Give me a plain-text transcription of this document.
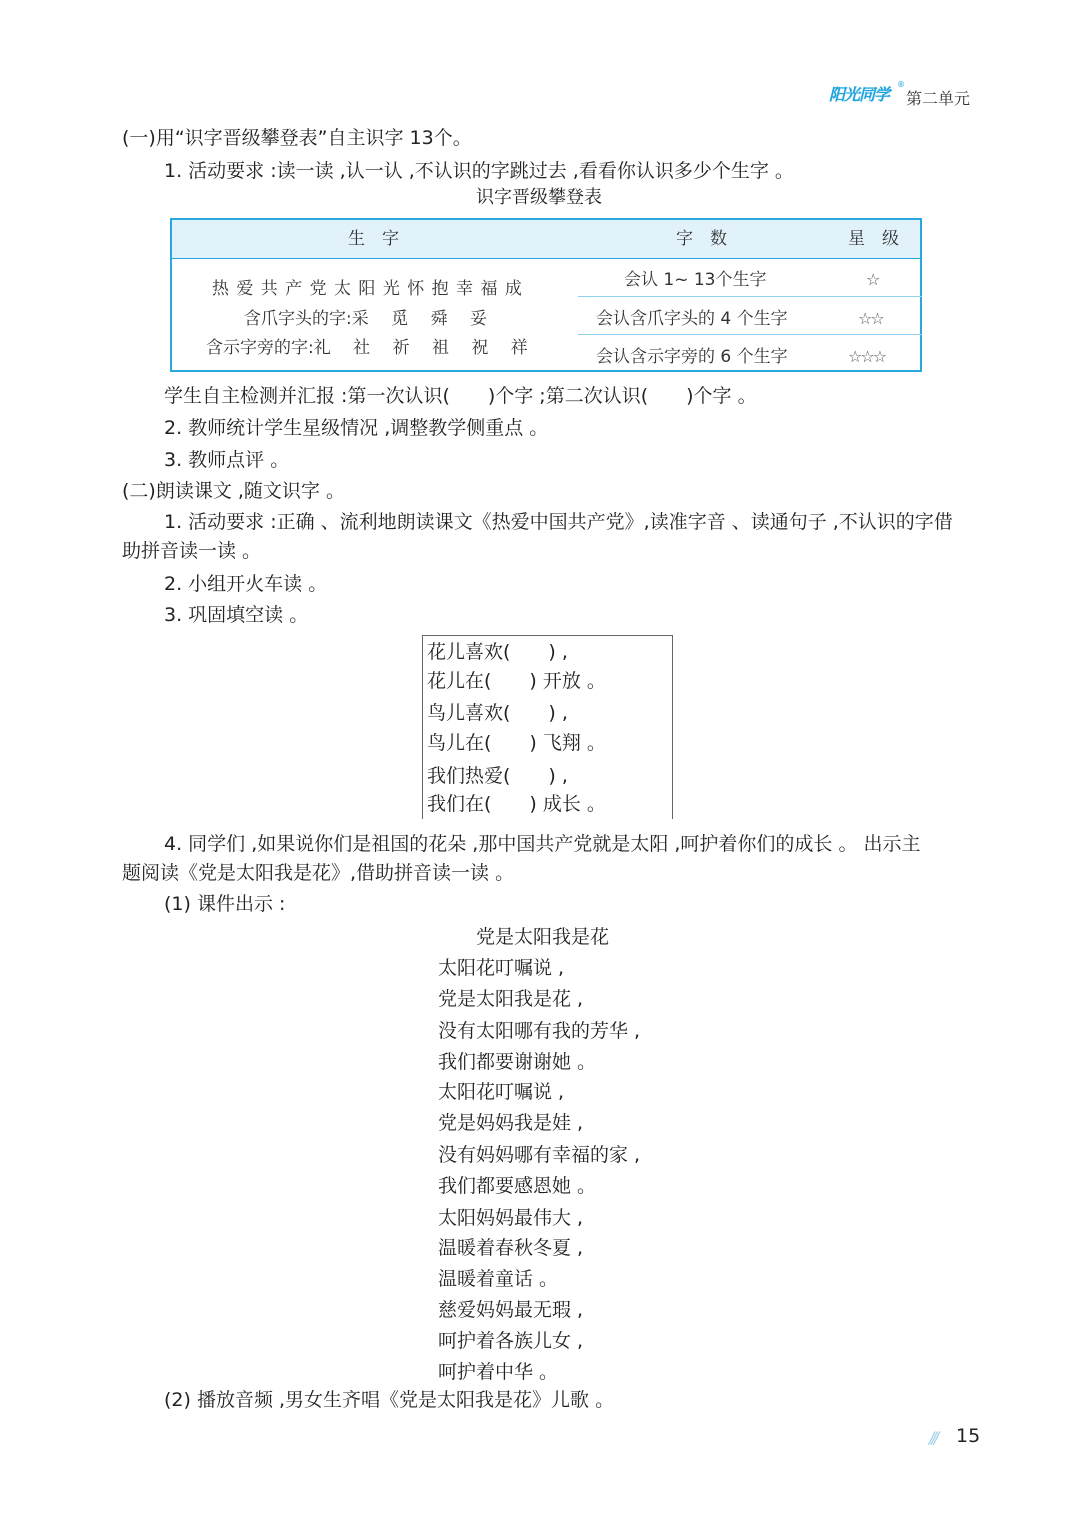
阳光同学
®
第二单元
(一)用“识字晋级攀登表”自主识字 13个。
1. 活动要求 :读一读 ,认一认 ,不认识的字跳过去 ,看看你认识多少个生字 。
识字晋级攀登表
生　字	字　数	星　级
热 爱 共 产 党 太 阳 光 怀 抱 幸 福 成
含爪字头的字:采　 觅　 舜　 妥
含示字旁的字:礼　 社　 祈　 祖　 祝　 祥
会认 1~ 13个生字
会认含爪字头的 4 个生字
会认含示字旁的 6 个生字
☆
☆☆
☆☆☆
学生自主检测并汇报 :第一次认识(　　)个字 ;第二次认识(　　)个字 。
2. 教师统计学生星级情况 ,调整教学侧重点 。
3. 教师点评 。
(二)朗读课文 ,随文识字 。
1. 活动要求 :正确 、流利地朗读课文《热爱中国共产党》,读准字音 、读通句子 ,不认识的字借
助拼音读一读 。
2. 小组开火车读 。
3. 巩固填空读 。
花儿喜欢(　　) ,
花儿在(　　) 开放 。
鸟儿喜欢(　　) ,
鸟儿在(　　) 飞翔 。
我们热爱(　　) ,
我们在(　　) 成长 。
4. 同学们 ,如果说你们是祖国的花朵 ,那中国共产党就是太阳 ,呵护着你们的成长 。 出示主
题阅读《党是太阳我是花》,借助拼音读一读 。
(1) 课件出示 :
党是太阳我是花
太阳花叮嘱说 ,
党是太阳我是花 ,
没有太阳哪有我的芳华 ,
我们都要谢谢她 。
太阳花叮嘱说 ,
党是妈妈我是娃 ,
没有妈妈哪有幸福的家 ,
我们都要感恩她 。
太阳妈妈最伟大 ,
温暖着春秋冬夏 ,
温暖着童话 。
慈爱妈妈最无瑕 ,
呵护着各族儿女 ,
呵护着中华 。
(2) 播放音频 ,男女生齐唱《党是太阳我是花》儿歌 。
/// 15
